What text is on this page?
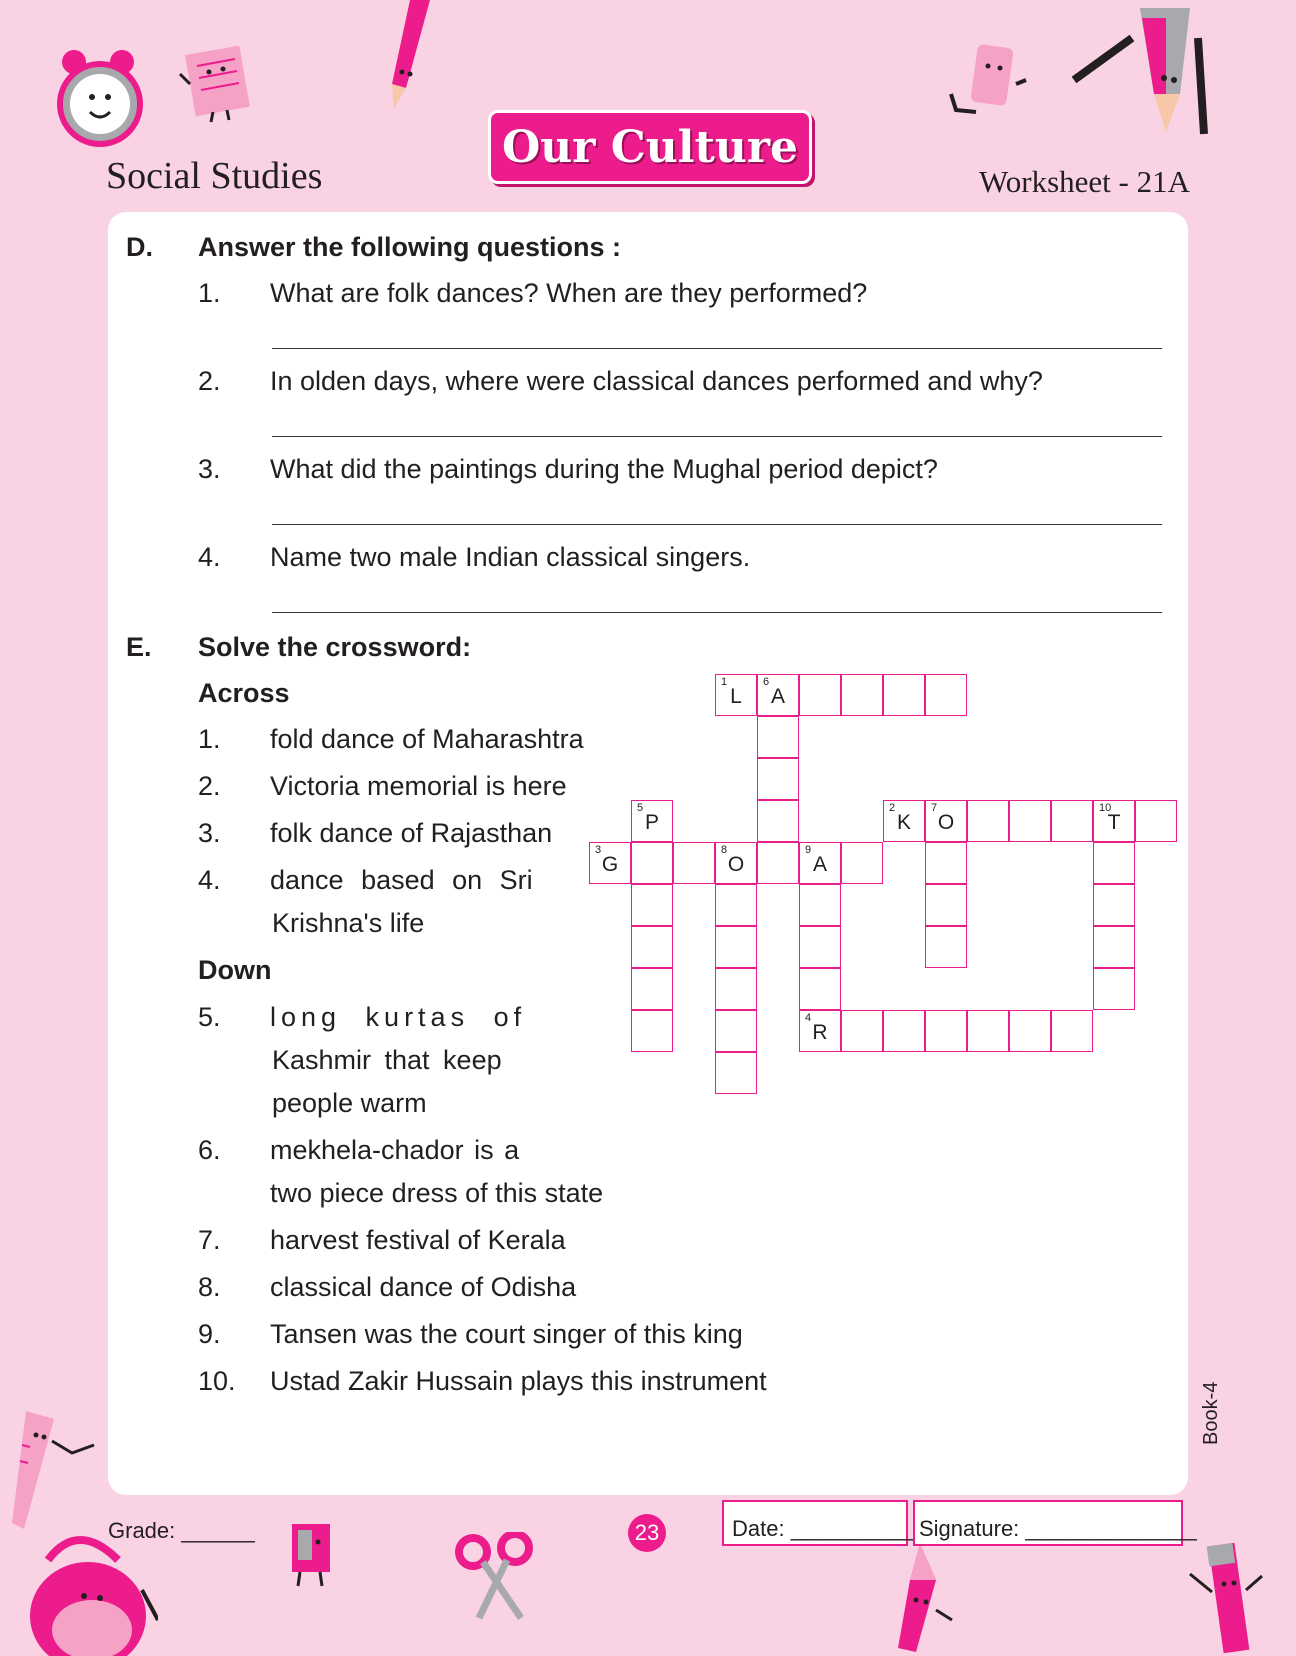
Social Studies
Our Culture
Worksheet - 21A
D. Answer the following questions :
1. What are folk dances? When are they performed?
2. In olden days, where were classical dances performed and why?
3. What did the paintings during the Mughal period depict?
4. Name two male Indian classical singers.
E. Solve the crossword:
Across
1. fold dance of Maharashtra
2. Victoria memorial is here
3. folk dance of Rajasthan
4. dance based on Sri
Krishna's life
Down
5. long kurtas of
Kashmir that keep
people warm
6. mekhela-chador is a
two piece dress of this state
7. harvest festival of Kerala
8. classical dance of Odisha
9. Tansen was the court singer of this king
10. Ustad Zakir Hussain plays this instrument
1
L
6
A
2
K
7
O
10
T
5
P
3
G
8
O
9
A
4
R
Grade: ______	23	Date: __________ Signature: ______________
Book-4
